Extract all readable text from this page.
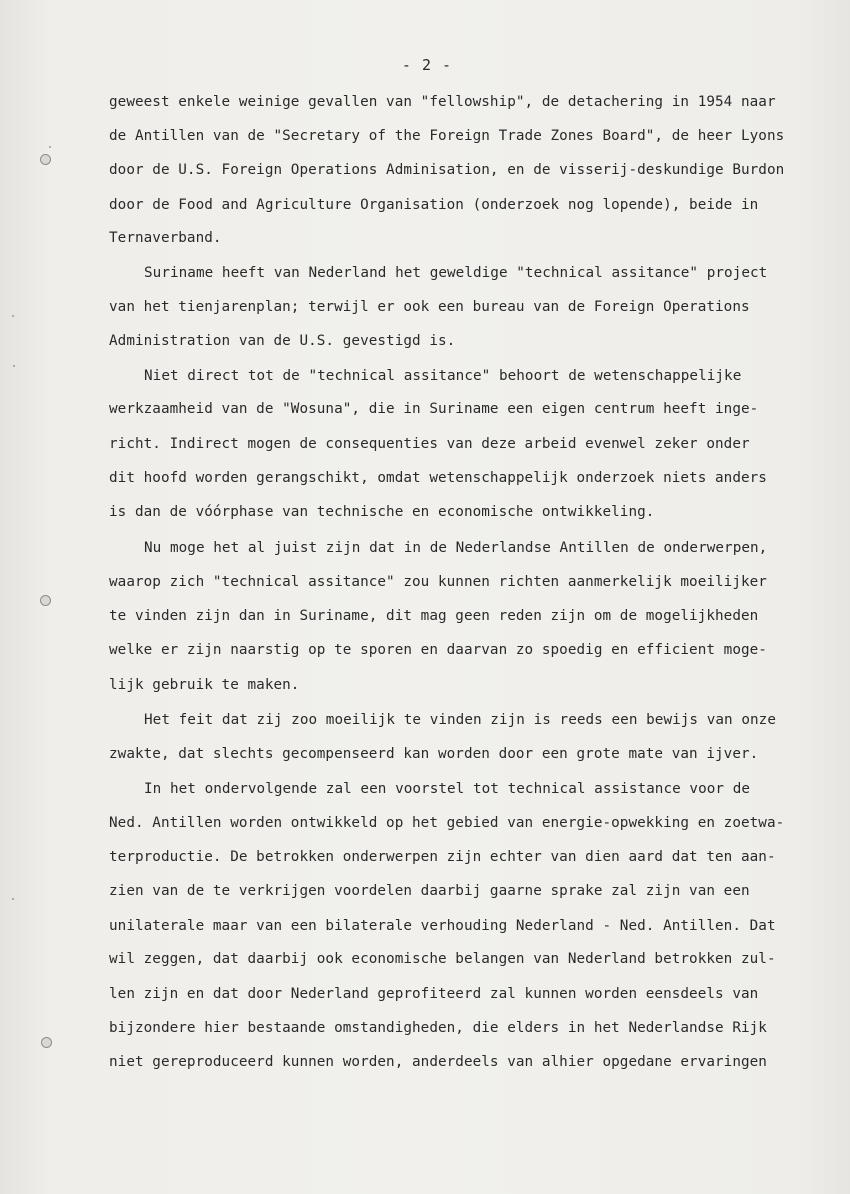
- 2 -
geweest enkele weinige gevallen van "fellowship", de detachering in 1954 naar
de Antillen van de "Secretary of the Foreign Trade Zones Board", de heer Lyons
door de U.S. Foreign Operations Adminisation, en de visserij-deskundige Burdon
door de Food and Agriculture Organisation (onderzoek nog lopende), beide in
Ternaverband.
Suriname heeft van Nederland het geweldige "technical assitance" project
van het tienjarenplan; terwijl er ook een bureau van de Foreign Operations
Administration van de U.S. gevestigd is.
Niet direct tot de "technical assitance" behoort de wetenschappelijke
werkzaamheid van de "Wosuna", die in Suriname een eigen centrum heeft inge-
richt. Indirect mogen de consequenties van deze arbeid evenwel zeker onder
dit hoofd worden gerangschikt, omdat wetenschappelijk onderzoek niets anders
is dan de vóórphase van technische en economische ontwikkeling.
Nu moge het al juist zijn dat in de Nederlandse Antillen de onderwerpen,
waarop zich "technical assitance" zou kunnen richten aanmerkelijk moeilijker
te vinden zijn dan in Suriname, dit mag geen reden zijn om de mogelijkheden
welke er zijn naarstig op te sporen en daarvan zo spoedig en efficient moge-
lijk gebruik te maken.
Het feit dat zij zoo moeilijk te vinden zijn is reeds een bewijs van onze
zwakte, dat slechts gecompenseerd kan worden door een grote mate van ijver.
In het ondervolgende zal een voorstel tot technical assistance voor de
Ned. Antillen worden ontwikkeld op het gebied van energie-opwekking en zoetwa-
terproductie. De betrokken onderwerpen zijn echter van dien aard dat ten aan-
zien van de te verkrijgen voordelen daarbij gaarne sprake zal zijn van een
unilaterale maar van een bilaterale verhouding Nederland - Ned. Antillen. Dat
wil zeggen, dat daarbij ook economische belangen van Nederland betrokken zul-
len zijn en dat door Nederland geprofiteerd zal kunnen worden eensdeels van
bijzondere hier bestaande omstandigheden, die elders in het Nederlandse Rijk
niet gereproduceerd kunnen worden, anderdeels van alhier opgedane ervaringen
